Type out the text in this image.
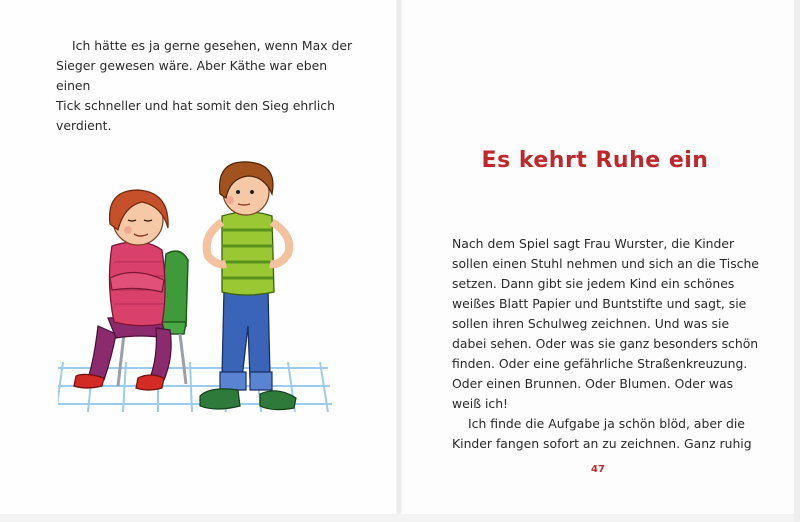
Ich hätte es ja gerne gesehen, wenn Max der
Sieger gewesen wäre. Aber Käthe war eben einen
Tick schneller und hat somit den Sieg ehrlich
verdient.

Es kehrt Ruhe ein
Nach dem Spiel sagt Frau Wurster, die Kinder
sollen einen Stuhl nehmen und sich an die Tische
setzen. Dann gibt sie jedem Kind ein schönes
weißes Blatt Papier und Buntstifte und sagt, sie
sollen ihren Schulweg zeichnen. Und was sie
dabei sehen. Oder was sie ganz besonders schön
finden. Oder eine gefährliche Straßenkreuzung.
Oder einen Brunnen. Oder Blumen. Oder was
weiß ich!
Ich finde die Aufgabe ja schön blöd, aber die
Kinder fangen sofort an zu zeichnen. Ganz ruhig
47
